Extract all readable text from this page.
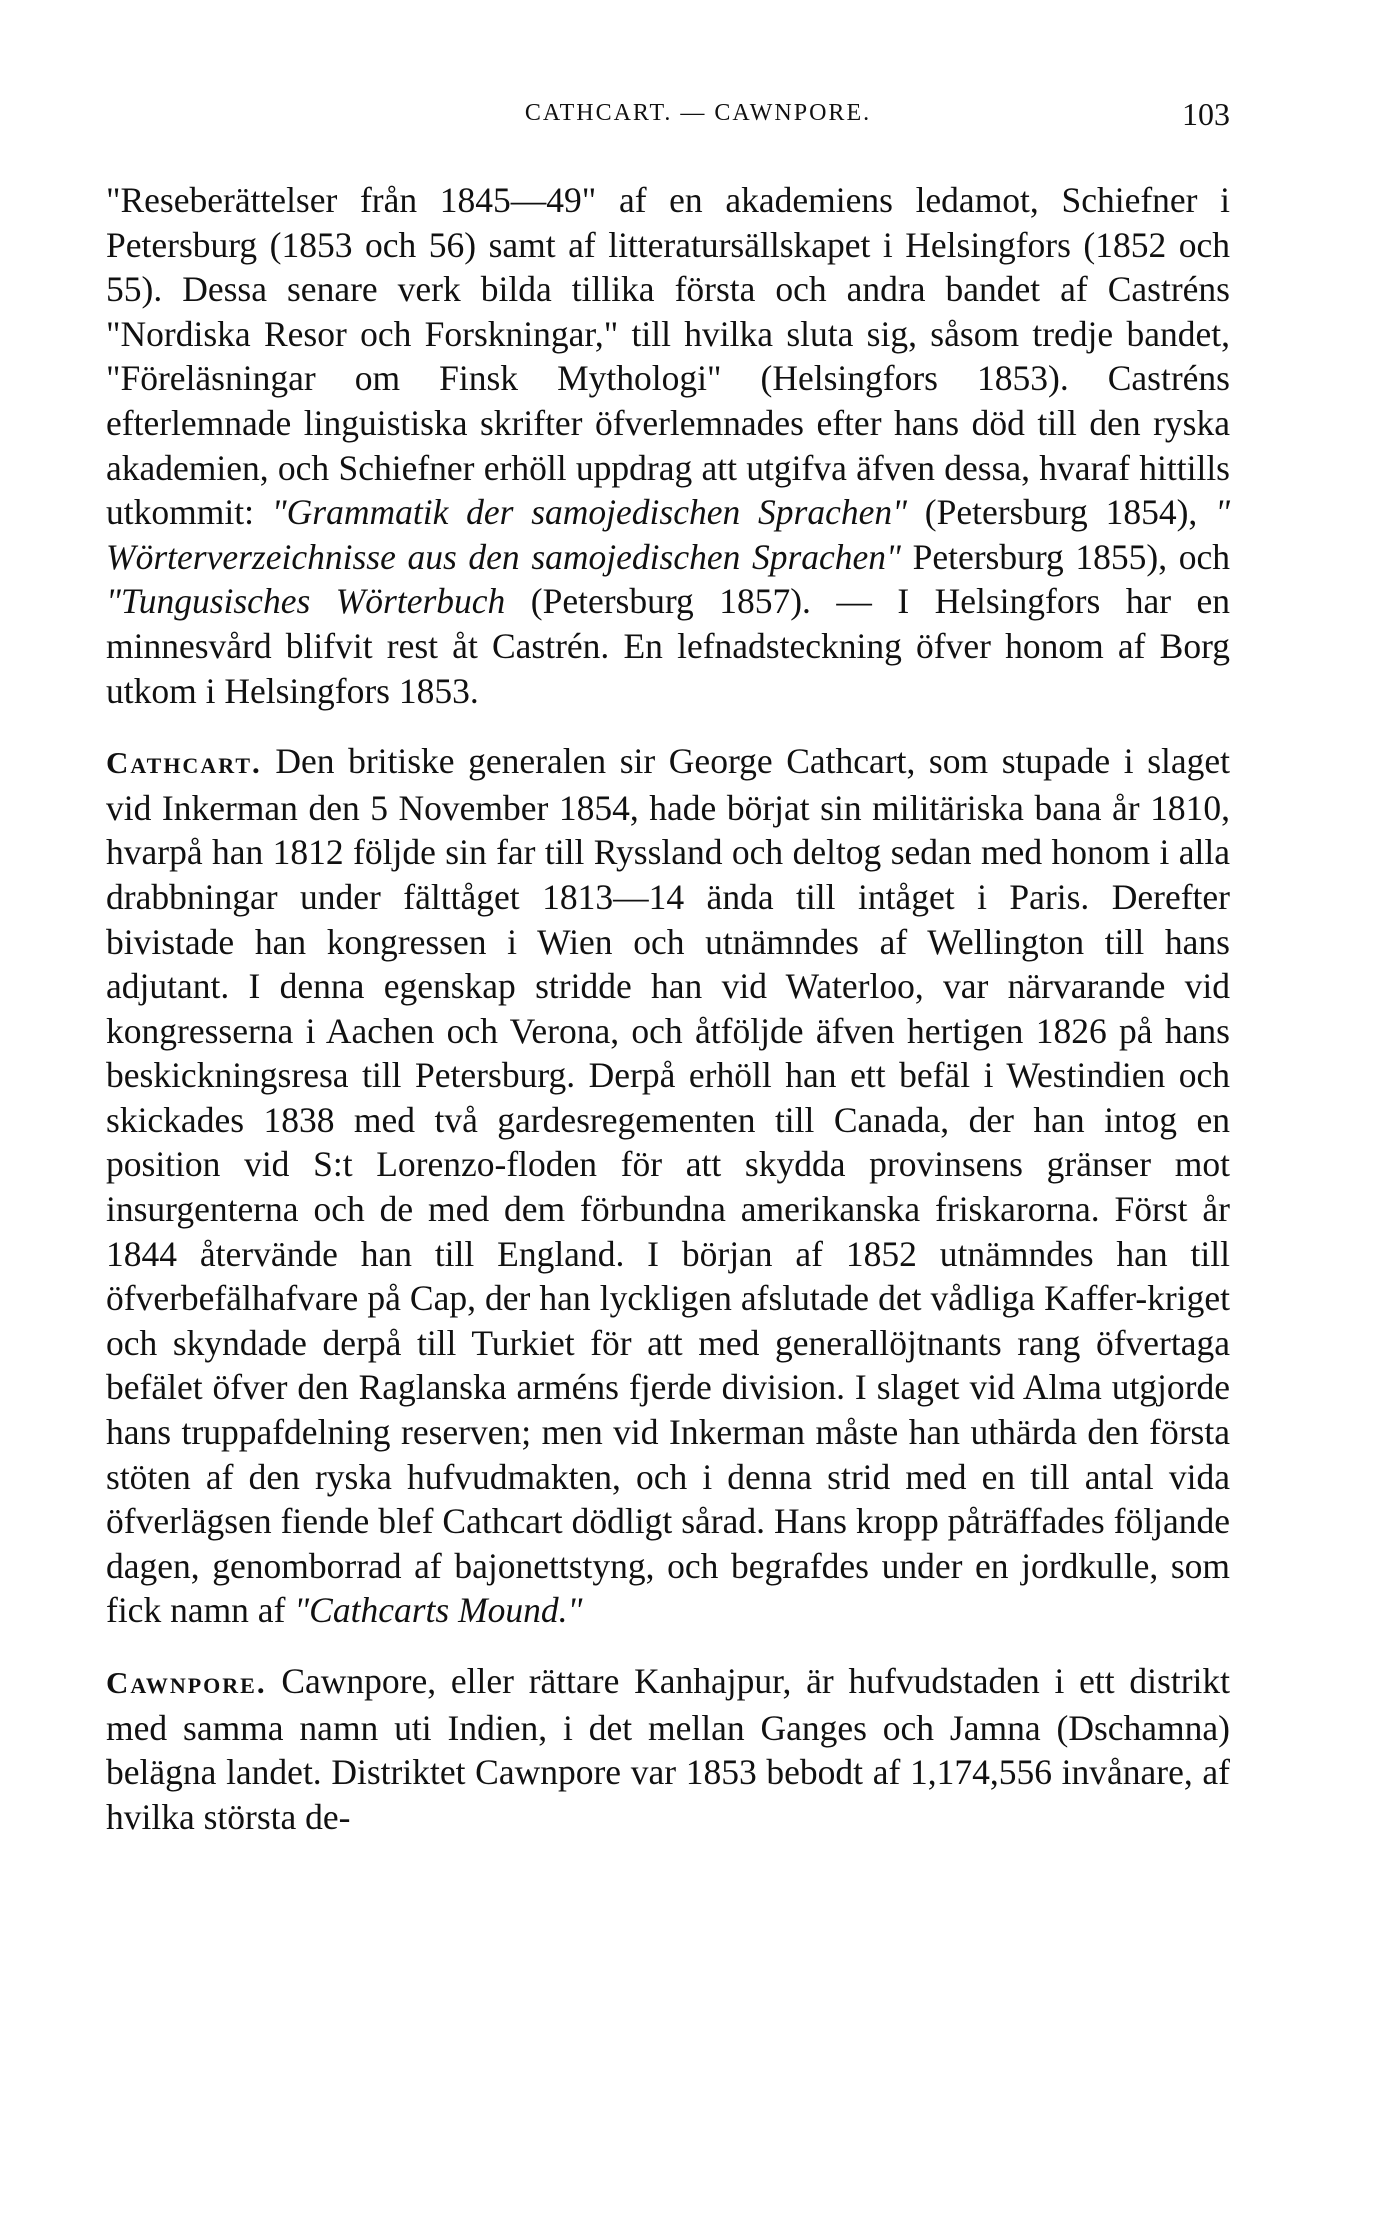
CATHCART. — CAWNPORE.	103

"Reseberättelser från 1845—49" af en akademiens ledamot, Schiefner i Petersburg (1853 och 56) samt af litteratursällskapet i Helsingfors (1852 och 55). Dessa senare verk bilda tillika första och andra bandet af Castréns "Nordiska Resor och Forskningar," till hvilka sluta sig, såsom tredje bandet, "Föreläsningar om Finsk Mythologi" (Helsingfors 1853). Castréns efterlemnade linguistiska skrifter öfverlemnades efter hans död till den ryska akademien, och Schiefner erhöll uppdrag att utgifva äfven dessa, hvaraf hittills utkommit: "Grammatik der samojedischen Sprachen" (Petersburg 1854), " Wörterverzeichnisse aus den samojedischen Sprachen" Petersburg 1855), och "Tungusisches Wörterbuch (Petersburg 1857). — I Helsingfors har en minnesvård blifvit rest åt Castrén. En lefnadsteckning öfver honom af Borg utkom i Helsingfors 1853.

Cathcart. Den britiske generalen sir George Cathcart, som stupade i slaget vid Inkerman den 5 November 1854, hade börjat sin militäriska bana år 1810, hvarpå han 1812 följde sin far till Ryssland och deltog sedan med honom i alla drabbningar under fälttåget 1813—14 ända till intåget i Paris. Derefter bivistade han kongressen i Wien och utnämndes af Wellington till hans adjutant. I denna egenskap stridde han vid Waterloo, var närvarande vid kongresserna i Aachen och Verona, och åtföljde äfven hertigen 1826 på hans beskickningsresa till Petersburg. Derpå erhöll han ett befäl i Westindien och skickades 1838 med två gardesregementen till Canada, der han intog en position vid S:t Lorenzo-floden för att skydda provinsens gränser mot insurgenterna och de med dem förbundna amerikanska friskarorna. Först år 1844 återvände han till England. I början af 1852 utnämndes han till öfverbefälhafvare på Cap, der han lyckligen afslutade det vådliga Kaffer-kriget och skyndade derpå till Turkiet för att med generallöjtnants rang öfvertaga befälet öfver den Raglanska arméns fjerde division. I slaget vid Alma utgjorde hans truppafdelning reserven; men vid Inkerman måste han uthärda den första stöten af den ryska hufvudmakten, och i denna strid med en till antal vida öfverlägsen fiende blef Cathcart dödligt sårad. Hans kropp påträffades följande dagen, genomborrad af bajonettstyng, och begrafdes under en jordkulle, som fick namn af "Cathcarts Mound."

Cawnpore. Cawnpore, eller rättare Kanhajpur, är hufvudstaden i ett distrikt med samma namn uti Indien, i det mellan Ganges och Jamna (Dschamna) belägna landet. Distriktet Cawnpore var 1853 bebodt af 1,174,556 invånare, af hvilka största de-
